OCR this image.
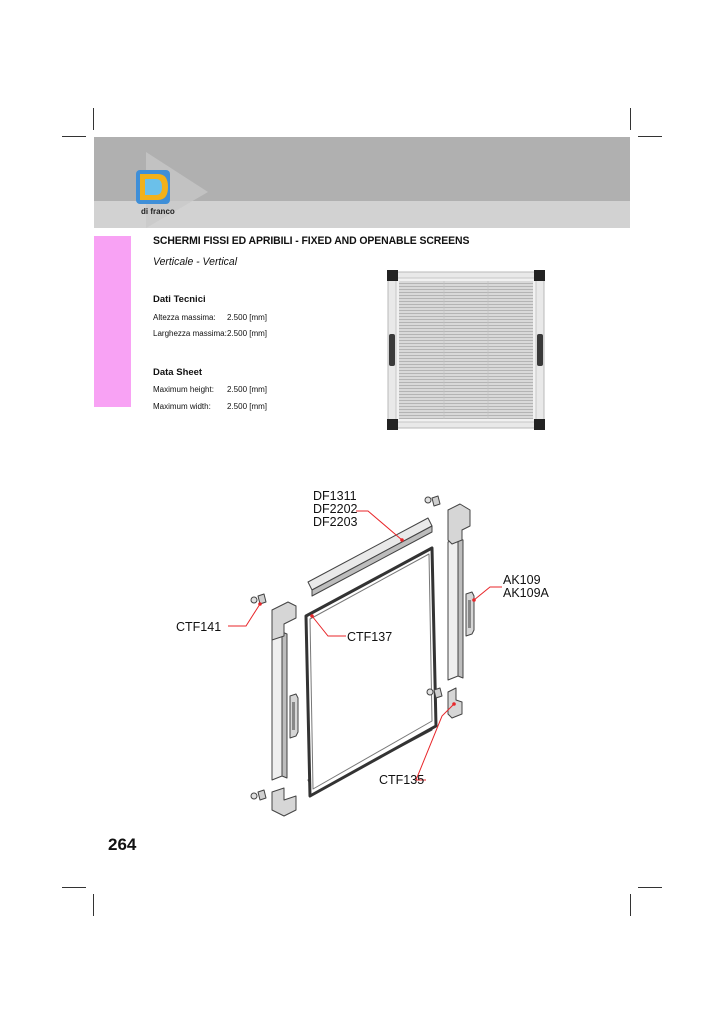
di franco
SCHERMI FISSI ED APRIBILI - FIXED AND OPENABLE SCREENS
Verticale - Vertical
Dati Tecnici
Altezza massima: 2.500 [mm]
Larghezza massima: 2.500 [mm]
Data Sheet
Maximum height: 2.500 [mm]
Maximum width: 2.500 [mm]
DF1311
DF2202
DF2203
AK109
AK109A
CTF141
CTF137
CTF135
264
